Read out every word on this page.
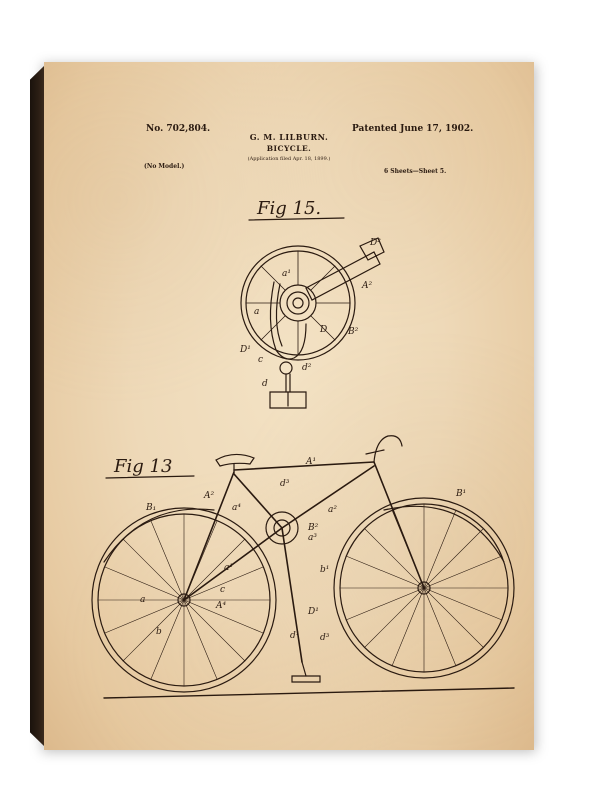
No. 702,804.	Patented June 17, 1902.
G. M. LILBURN.
BICYCLE.
(Application filed Apr. 18, 1899.)
(No Model.)
6 Sheets—Sheet 5.
Fig 15.
Fig 13
D²
A²
a¹
a
D B²
D¹
c
d
d²
A¹
B₁
B¹
A²
a⁴
d³
a²
B²
a³
a¹
c
a
A⁴
b
D¹
b¹
d³
d¹
